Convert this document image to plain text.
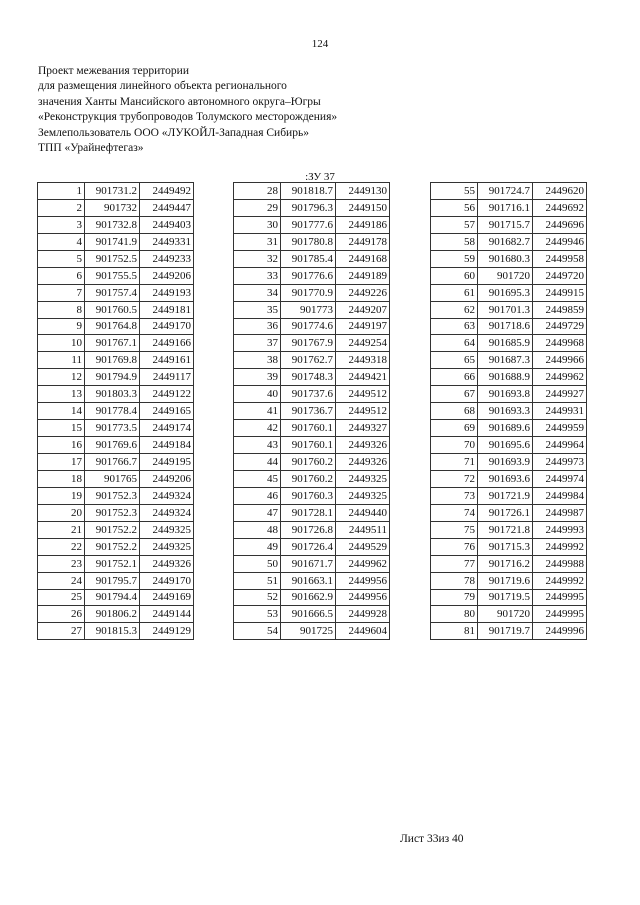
124
Проект межевания территории
для размещения линейного объекта регионального
значения Ханты Мансийского автономного округа–Югры
«Реконструкция трубопроводов Толумского месторождения»
Землепользователь ООО «ЛУКОЙЛ-Западная Сибирь»
ТПП «Урайнефтегаз»
:ЗУ 37
1	901731.2	2449492
2	901732	2449447
3	901732.8	2449403
4	901741.9	2449331
5	901752.5	2449233
6	901755.5	2449206
7	901757.4	2449193
8	901760.5	2449181
9	901764.8	2449170
10	901767.1	2449166
11	901769.8	2449161
12	901794.9	2449117
13	901803.3	2449122
14	901778.4	2449165
15	901773.5	2449174
16	901769.6	2449184
17	901766.7	2449195
18	901765	2449206
19	901752.3	2449324
20	901752.3	2449324
21	901752.2	2449325
22	901752.2	2449325
23	901752.1	2449326
24	901795.7	2449170
25	901794.4	2449169
26	901806.2	2449144
27	901815.3	2449129
28	901818.7	2449130
29	901796.3	2449150
30	901777.6	2449186
31	901780.8	2449178
32	901785.4	2449168
33	901776.6	2449189
34	901770.9	2449226
35	901773	2449207
36	901774.6	2449197
37	901767.9	2449254
38	901762.7	2449318
39	901748.3	2449421
40	901737.6	2449512
41	901736.7	2449512
42	901760.1	2449327
43	901760.1	2449326
44	901760.2	2449326
45	901760.2	2449325
46	901760.3	2449325
47	901728.1	2449440
48	901726.8	2449511
49	901726.4	2449529
50	901671.7	2449962
51	901663.1	2449956
52	901662.9	2449956
53	901666.5	2449928
54	901725	2449604
55	901724.7	2449620
56	901716.1	2449692
57	901715.7	2449696
58	901682.7	2449946
59	901680.3	2449958
60	901720	2449720
61	901695.3	2449915
62	901701.3	2449859
63	901718.6	2449729
64	901685.9	2449968
65	901687.3	2449966
66	901688.9	2449962
67	901693.8	2449927
68	901693.3	2449931
69	901689.6	2449959
70	901695.6	2449964
71	901693.9	2449973
72	901693.6	2449974
73	901721.9	2449984
74	901726.1	2449987
75	901721.8	2449993
76	901715.3	2449992
77	901716.2	2449988
78	901719.6	2449992
79	901719.5	2449995
80	901720	2449995
81	901719.7	2449996
Лист 33из 40
